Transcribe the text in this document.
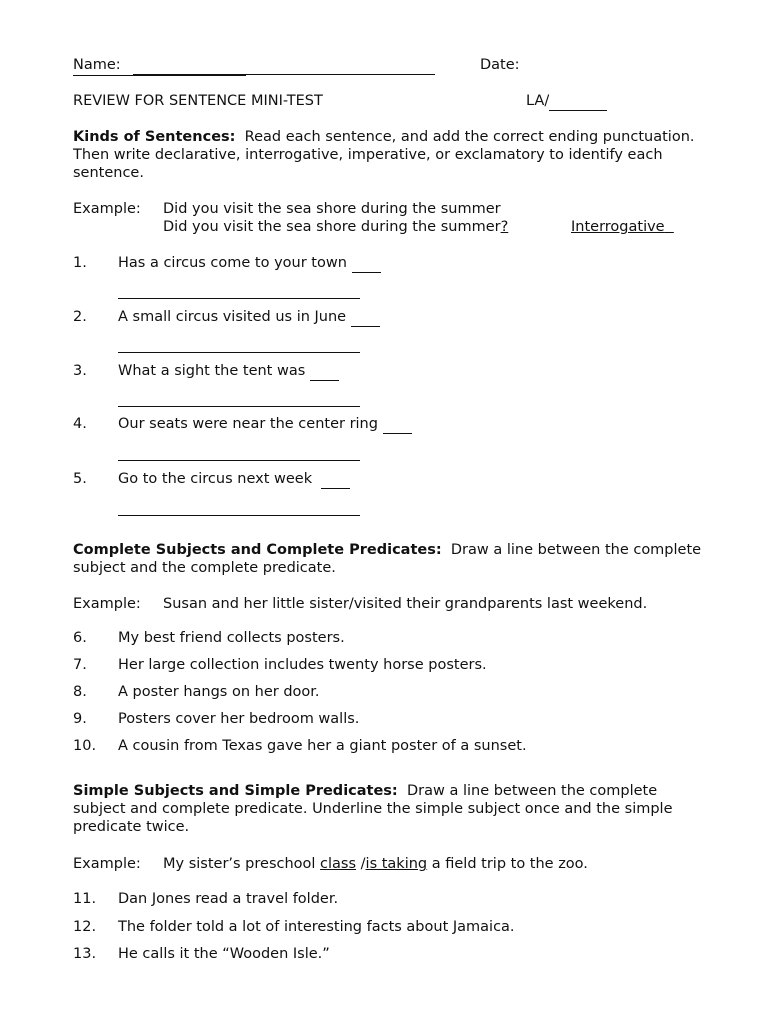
Name:	Date:
REVIEW FOR SENTENCE MINI-TEST	LA/
Kinds of Sentences: Read each sentence, and add the correct ending punctuation. Then write declarative, interrogative, imperative, or exclamatory to identify each sentence.
Example: Did you visit the sea shore during the summer
Did you visit the sea shore during the summer?	Interrogative
1. Has a circus come to your town
2. A small circus visited us in June
3. What a sight the tent was
4. Our seats were near the center ring
5. Go to the circus next week
Complete Subjects and Complete Predicates: Draw a line between the complete subject and the complete predicate.
Example: Susan and her little sister/visited their grandparents last weekend.
6. My best friend collects posters.
7. Her large collection includes twenty horse posters.
8. A poster hangs on her door.
9. Posters cover her bedroom walls.
10. A cousin from Texas gave her a giant poster of a sunset.
Simple Subjects and Simple Predicates: Draw a line between the complete subject and complete predicate. Underline the simple subject once and the simple predicate twice.
Example: My sister’s preschool class /is taking a field trip to the zoo.
11. Dan Jones read a travel folder.
12. The folder told a lot of interesting facts about Jamaica.
13. He calls it the “Wooden Isle.”
